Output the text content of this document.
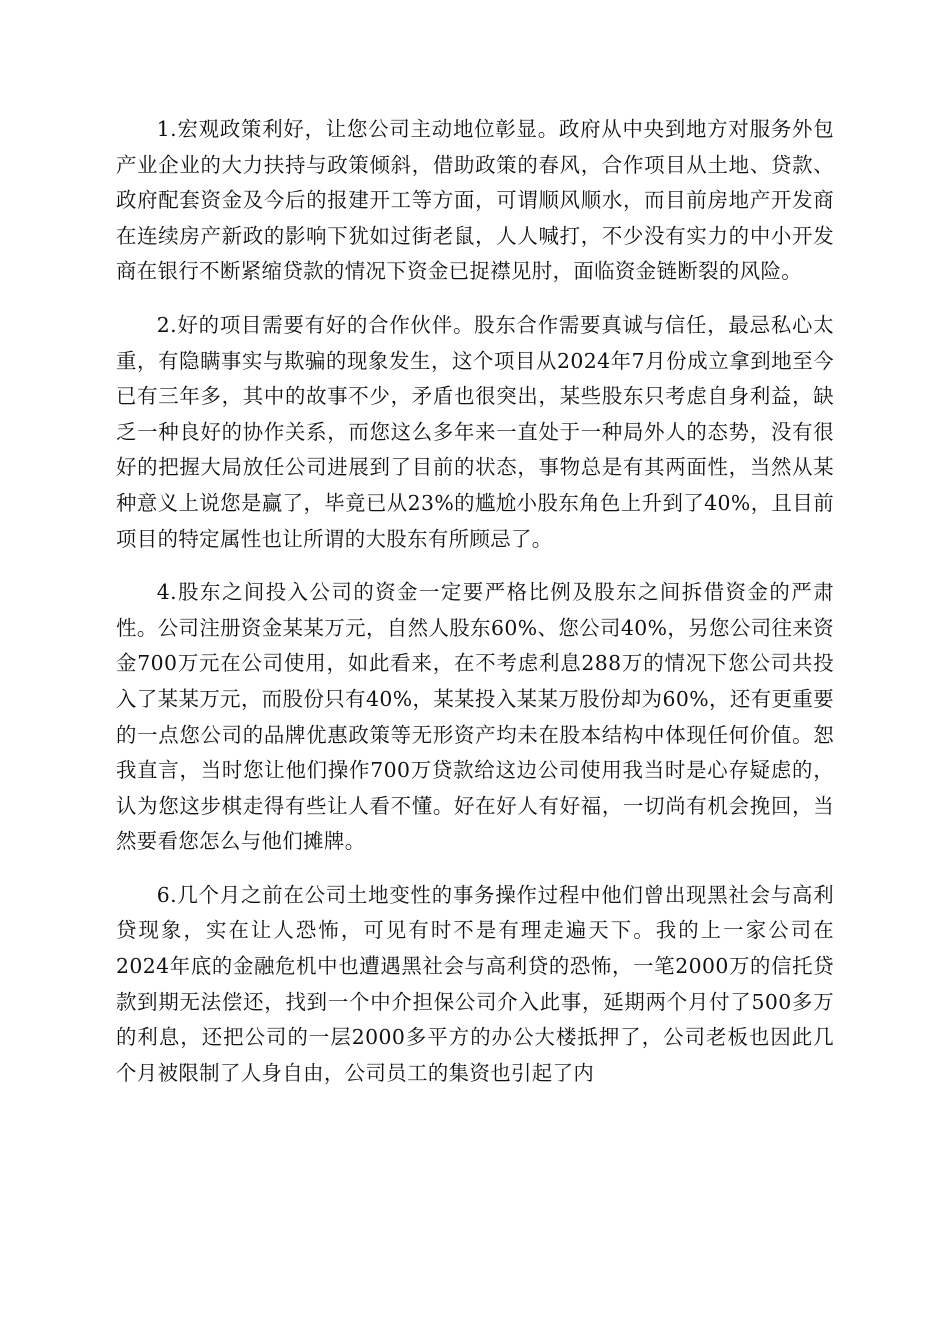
1.宏观政策利好，让您公司主动地位彰显。政府从中央到地方对服务外包产业企业的大力扶持与政策倾斜，借助政策的春风，合作项目从土地、贷款、政府配套资金及今后的报建开工等方面，可谓顺风顺水，而目前房地产开发商在连续房产新政的影响下犹如过街老鼠，人人喊打，不少没有实力的中小开发商在银行不断紧缩贷款的情况下资金已捉襟见肘，面临资金链断裂的风险。

2.好的项目需要有好的合作伙伴。股东合作需要真诚与信任，最忌私心太重，有隐瞒事实与欺骗的现象发生，这个项目从2024年7月份成立拿到地至今已有三年多，其中的故事不少，矛盾也很突出，某些股东只考虑自身利益，缺乏一种良好的协作关系，而您这么多年来一直处于一种局外人的态势，没有很好的把握大局放任公司进展到了目前的状态，事物总是有其两面性，当然从某种意义上说您是赢了，毕竟已从23%的尴尬小股东角色上升到了40%，且目前项目的特定属性也让所谓的大股东有所顾忌了。

4.股东之间投入公司的资金一定要严格比例及股东之间拆借资金的严肃性。公司注册资金某某万元，自然人股东60%、您公司40%，另您公司往来资金700万元在公司使用，如此看来，在不考虑利息288万的情况下您公司共投入了某某万元，而股份只有40%，某某投入某某万股份却为60%，还有更重要的一点您公司的品牌优惠政策等无形资产均未在股本结构中体现任何价值。恕我直言，当时您让他们操作700万贷款给这边公司使用我当时是心存疑虑的，认为您这步棋走得有些让人看不懂。好在好人有好福，一切尚有机会挽回，当然要看您怎么与他们摊牌。

6.几个月之前在公司土地变性的事务操作过程中他们曾出现黑社会与高利贷现象，实在让人恐怖，可见有时不是有理走遍天下。我的上一家公司在2024年底的金融危机中也遭遇黑社会与高利贷的恐怖，一笔2000万的信托贷款到期无法偿还，找到一个中介担保公司介入此事，延期两个月付了500多万的利息，还把公司的一层2000多平方的办公大楼抵押了，公司老板也因此几个月被限制了人身自由，公司员工的集资也引起了内
